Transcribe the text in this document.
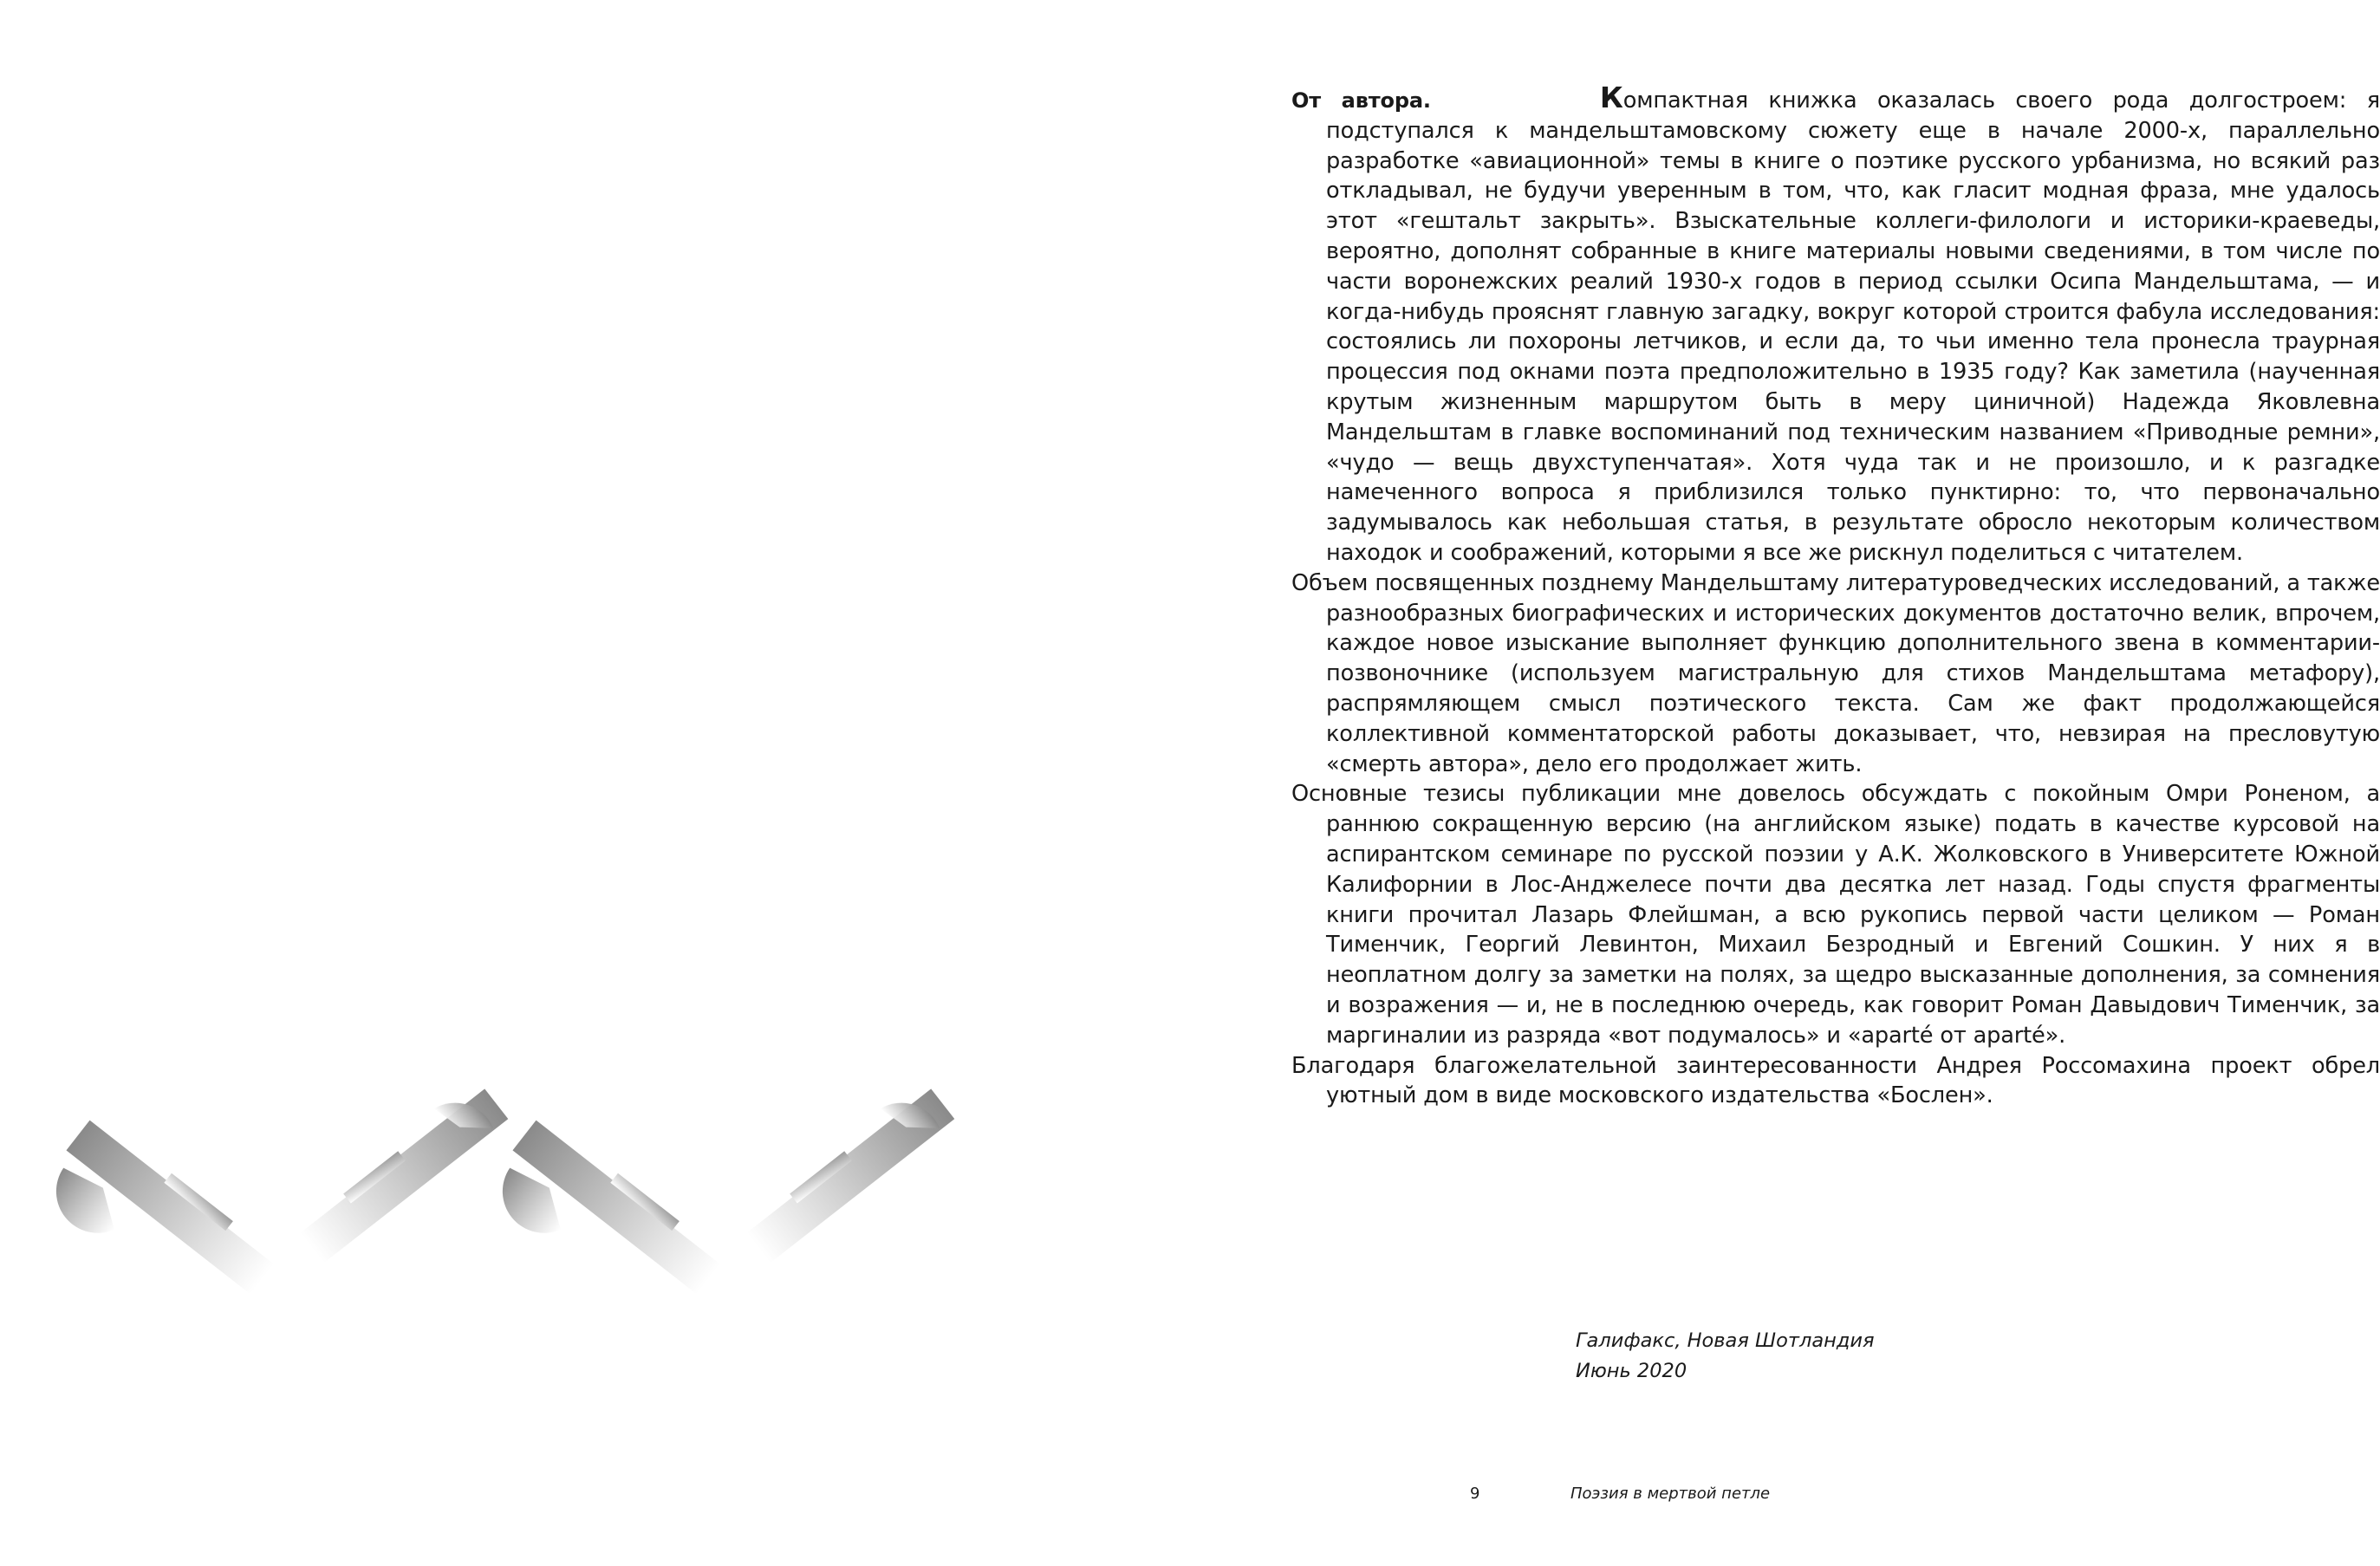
От автора.	Компактная книжка оказалась своего рода долгостроем: я подступался к мандельштамовскому сюжету еще в начале 2000-х, параллельно разработке «авиационной» темы в книге о поэтике русского урбанизма, но всякий раз откладывал, не будучи уверенным в том, что, как гласит модная фраза, мне удалось этот «гештальт закрыть». Взыскательные коллеги-филологи и историки-краеведы, вероятно, дополнят собранные в книге материалы новыми сведениями, в том числе по части воронежских реалий 1930-х годов в период ссылки Осипа Мандельштама, — и когда-нибудь прояснят главную загадку, вокруг которой строится фабула исследования: состоялись ли похороны летчиков, и если да, то чьи именно тела пронесла траурная процессия под окнами поэта предположительно в 1935 году? Как заметила (наученная крутым жизненным маршрутом быть в меру циничной) Надежда Яковлевна Мандельштам в главке воспоминаний под техническим названием «Приводные ремни», «чудо — вещь двухступенчатая». Хотя чуда так и не произошло, и к разгадке намеченного вопроса я приблизился только пунктирно: то, что первоначально задумывалось как небольшая статья, в результате обросло некоторым количеством находок и соображений, которыми я все же рискнул поделиться с читателем.

Объем посвященных позднему Мандельштаму литературоведческих исследований, а также разнообразных биографических и исторических документов достаточно велик, впрочем, каждое новое изыскание выполняет функцию дополнительного звена в комментарии-позвоночнике (используем магистральную для стихов Мандельштама метафору), распрямляющем смысл поэтического текста. Сам же факт продолжающейся коллективной комментаторской работы доказывает, что, невзирая на пресловутую «смерть автора», дело его продолжает жить.

Основные тезисы публикации мне довелось обсуждать с покойным Омри Роненом, а раннюю сокращенную версию (на английском языке) подать в качестве курсовой на аспирантском семинаре по русской поэзии у А.К. Жолковского в Университете Южной Калифорнии в Лос-Анджелесе почти два десятка лет назад. Годы спустя фрагменты книги прочитал Лазарь Флейшман, а всю рукопись первой части целиком — Роман Тименчик, Георгий Левинтон, Михаил Безродный и Евгений Сошкин. У них я в неоплатном долгу за заметки на полях, за щедро высказанные дополнения, за сомнения и возражения — и, не в последнюю очередь, как говорит Роман Давыдович Тименчик, за маргиналии из разряда «вот подумалось» и «aparté от aparté».

Благодаря благожелательной заинтересованности Андрея Россомахина проект обрел уютный дом в виде московского издательства «Бослен».

Галифакс, Новая Шотландия
Июнь 2020
9	Поэзия в мертвой петле
